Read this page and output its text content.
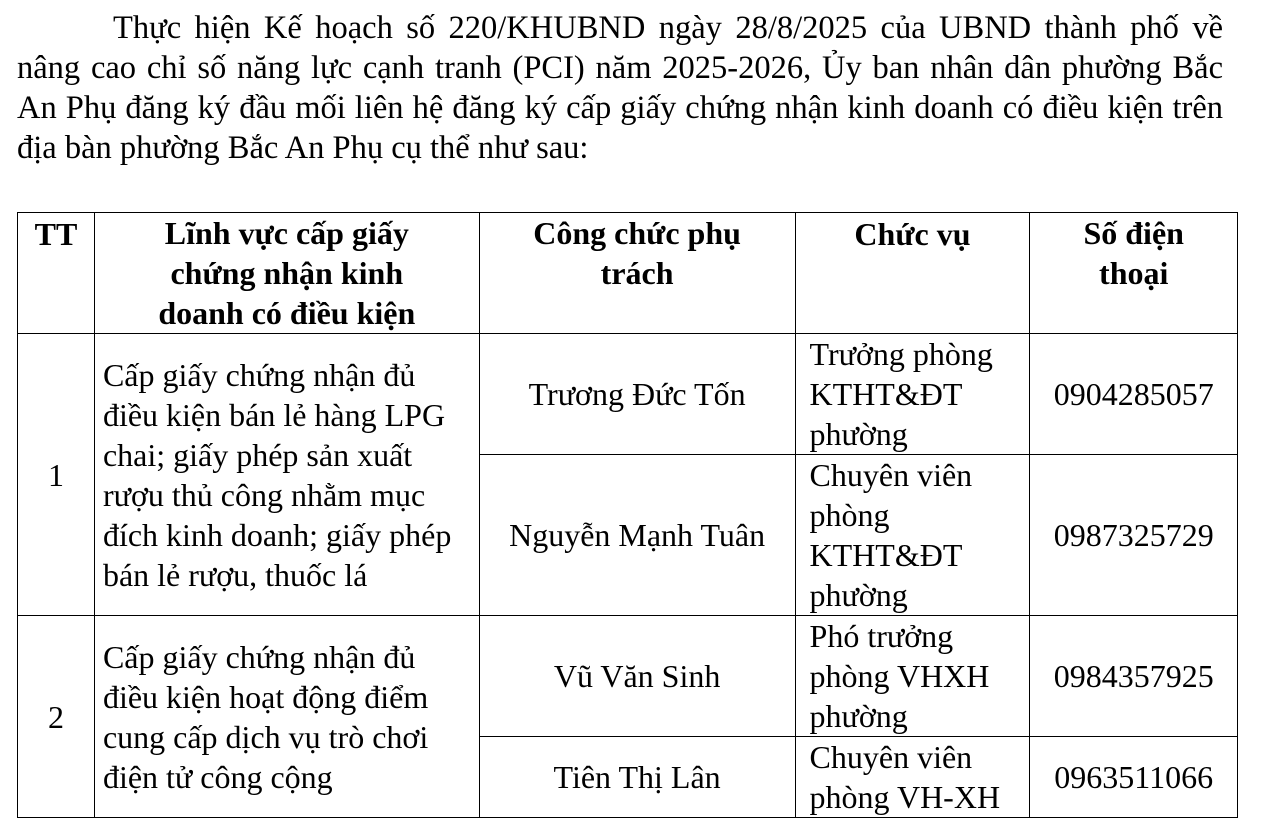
Thực hiện Kế hoạch số 220/KHUBND ngày 28/8/2025 của UBND thành phố về nâng cao chỉ số năng lực cạnh tranh (PCI) năm 2025-2026, Ủy ban nhân dân phường Bắc An Phụ đăng ký đầu mối liên hệ đăng ký cấp giấy chứng nhận kinh doanh có điều kiện trên địa bàn phường Bắc An Phụ cụ thể như sau:

TT	Lĩnh vực cấp giấy chứng nhận kinh doanh có điều kiện	Công chức phụ trách	Chức vụ	Số điện thoại
1	Cấp giấy chứng nhận đủ điều kiện bán lẻ hàng LPG chai; giấy phép sản xuất rượu thủ công nhằm mục đích kinh doanh; giấy phép bán lẻ rượu, thuốc lá	Trương Đức Tốn	Trưởng phòng KTHT&ĐT phường	0904285057
		Nguyễn Mạnh Tuân	Chuyên viên phòng KTHT&ĐT phường	0987325729
2	Cấp giấy chứng nhận đủ điều kiện hoạt động điểm cung cấp dịch vụ trò chơi điện tử công cộng	Vũ Văn Sinh	Phó trưởng phòng VHXH phường	0984357925
		Tiên Thị Lân	Chuyên viên phòng VH-XH	0963511066
